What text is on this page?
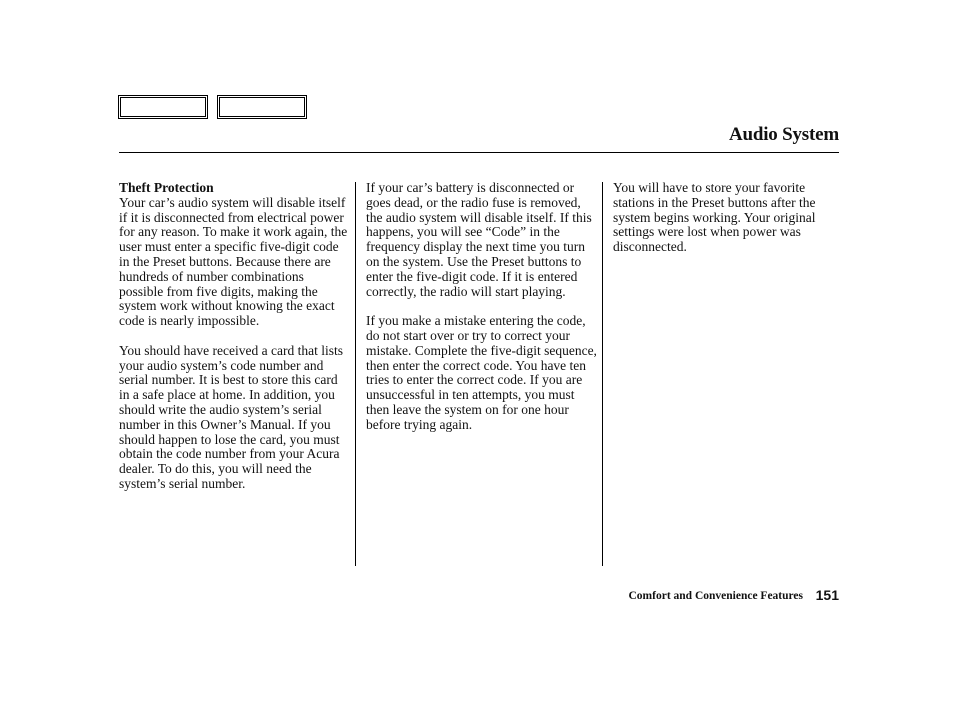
Audio System
Theft Protection

Your car’s audio system will disable itself if it is disconnected from electrical power for any reason. To make it work again, the user must enter a specific five-digit code in the Preset buttons. Because there are hundreds of number combinations possible from five digits, making the system work without knowing the exact code is nearly impossible.

You should have received a card that lists your audio system’s code number and serial number. It is best to store this card in a safe place at home. In addition, you should write the audio system’s serial number in this Owner’s Manual. If you should happen to lose the card, you must obtain the code number from your Acura dealer. To do this, you will need the system’s serial number.

If your car’s battery is disconnected or goes dead, or the radio fuse is removed, the audio system will disable itself. If this happens, you will see “Code” in the frequency display the next time you turn on the system. Use the Preset buttons to enter the five-digit code. If it is entered correctly, the radio will start playing.

If you make a mistake entering the code, do not start over or try to correct your mistake. Complete the five-digit sequence, then enter the correct code. You have ten tries to enter the correct code. If you are unsuccessful in ten attempts, you must then leave the system on for one hour before trying again.

You will have to store your favorite stations in the Preset buttons after the system begins working. Your original settings were lost when power was disconnected.

Comfort and Convenience Features 151
